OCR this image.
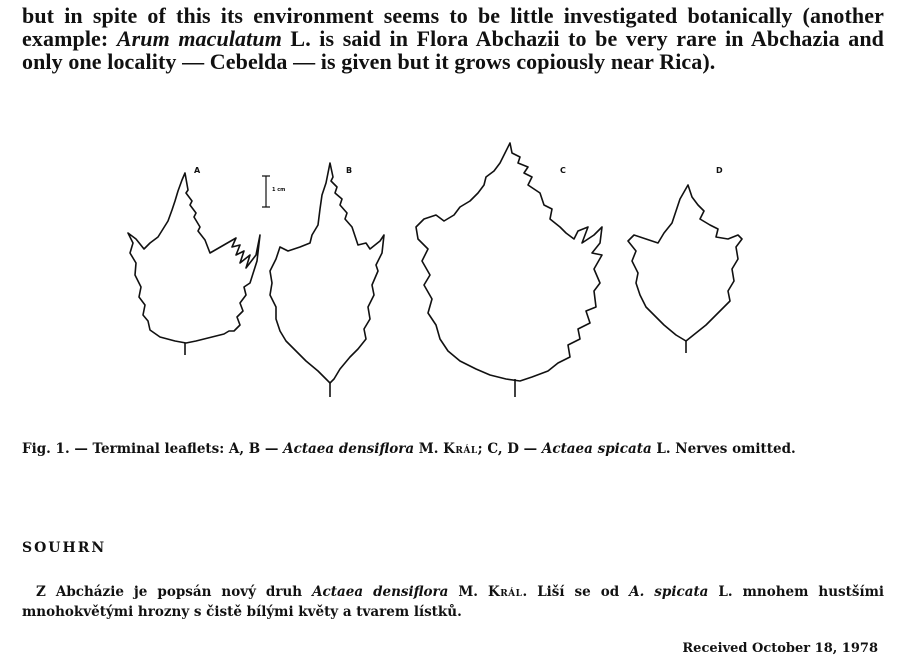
but in spite of this its environment seems to be little investigated botanically (another example: Arum maculatum L. is said in Flora Abchazii to be very rare in Abchazia and only one locality — Cebelda — is given but it grows copiously near Rica).

A	B	C	D
1 cm

Fig. 1. — Terminal leaflets: A, B — Actaea densiflora M. Král; C, D — Actaea spicata L. Nerves omitted.

SOUHRN

Z Abcházie je popsán nový druh Actaea densiflora M. Král. Liší se od A. spicata L. mnohem hustšími mnohokvětými hrozny s čistě bílými květy a tvarem lístků.

Received October 18, 1978
